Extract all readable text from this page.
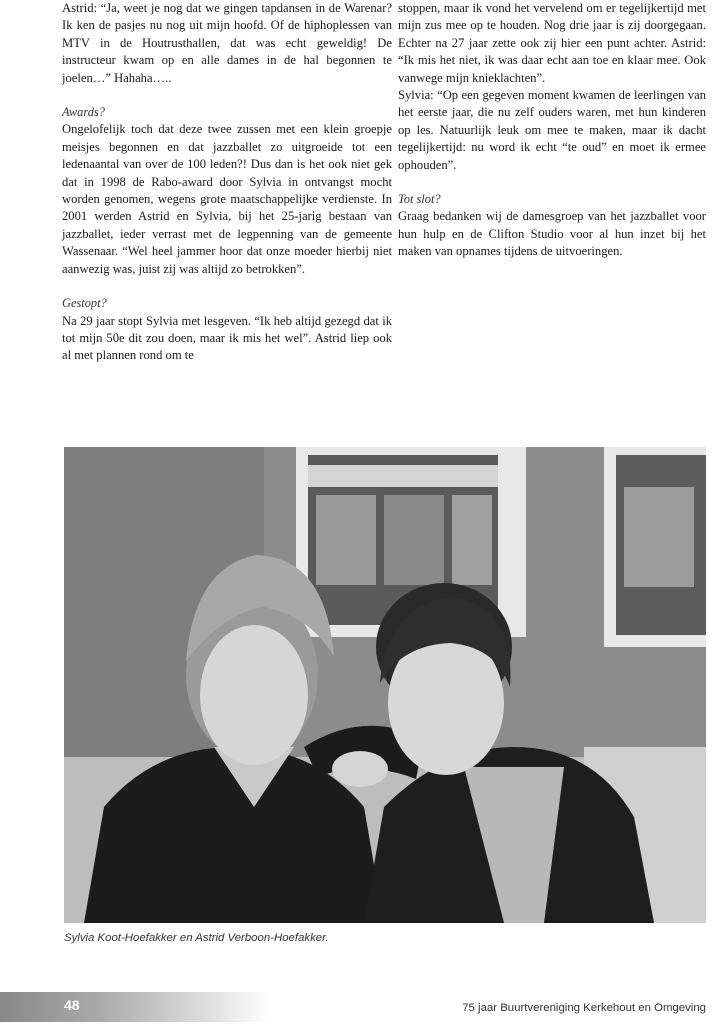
Astrid: “Ja, weet je nog dat we gingen tapdansen in de Warenar? Ik ken de pasjes nu nog uit mijn hoofd. Of de hiphoplessen van MTV in de Houtrusthallen, dat was echt geweldig! De instructeur kwam op en alle dames in de hal begonnen te joelen…” Hahaha…..

Awards?

Ongelofelijk toch dat deze twee zussen met een klein groepje meisjes begonnen en dat jazzballet zo uitgroeide tot een ledenaantal van over de 100 leden?! Dus dan is het ook niet gek dat in 1998 de Rabo-award door Sylvia in ontvangst mocht worden genomen, wegens grote maatschappelijke verdienste. In 2001 werden Astrid en Sylvia, bij het 25-jarig bestaan van jazzballet, ieder verrast met de legpenning van de gemeente Wassenaar. “Wel heel jammer hoor dat onze moeder hierbij niet aanwezig was, juist zij was altijd zo betrokken”.

Gestopt?

Na 29 jaar stopt Sylvia met lesgeven. “Ik heb altijd gezegd dat ik tot mijn 50e dit zou doen, maar ik mis het wel”. Astrid liep ook al met plannen rond om te

stoppen, maar ik vond het vervelend om er tegelijkertijd met mijn zus mee op te houden. Nog drie jaar is zij doorgegaan. Echter na 27 jaar zette ook zij hier een punt achter. Astrid: “Ik mis het niet, ik was daar echt aan toe en klaar mee. Ook vanwege mijn knieklachten”.

Sylvia: “Op een gegeven moment kwamen de leerlingen van het eerste jaar, die nu zelf ouders waren, met hun kinderen op les. Natuurlijk leuk om mee te maken, maar ik dacht tegelijkertijd: nu word ik echt “te oud” en moet ik ermee ophouden”.

Tot slot?

Graag bedanken wij de damesgroep van het jazzballet voor hun hulp en de Clifton Studio voor al hun inzet bij het maken van opnames tijdens de uitvoeringen.

Sylvia Koot-Hoefakker en Astrid Verboon-Hoefakker.
48	75 jaar Buurtvereniging Kerkehout en Omgeving
